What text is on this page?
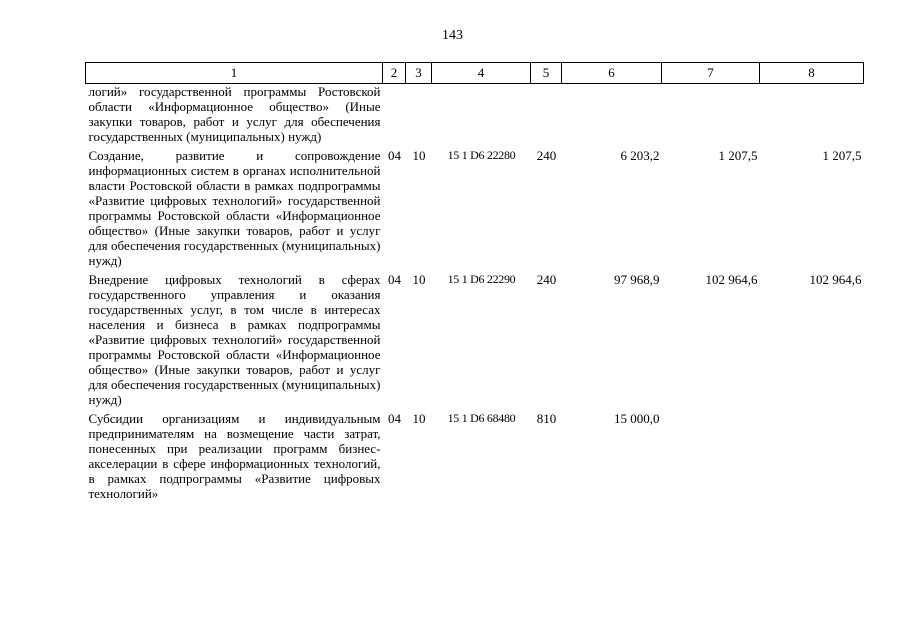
143
1	2	3	4	5	6	7	8
логий» государственной программы Ростовской области «Информационное общество» (Иные закупки товаров, работ и услуг для обеспечения государственных (муниципальных) нужд)							
Создание, развитие и сопровождение информационных систем в органах исполнительной власти Ростовской области в рамках подпрограммы «Развитие цифровых технологий» государственной программы Ростовской области «Информационное общество» (Иные закупки товаров, работ и услуг для обеспечения государственных (муниципальных) нужд)	04	10	15 1 D6 22280	240	6 203,2	1 207,5	1 207,5
Внедрение цифровых технологий в сферах государственного управления и оказания государственных услуг, в том числе в интересах населения и бизнеса в рамках подпрограммы «Развитие цифровых технологий» государственной программы Ростовской области «Информационное общество» (Иные закупки товаров, работ и услуг для обеспечения государственных (муниципальных) нужд)	04	10	15 1 D6 22290	240	97 968,9	102 964,6	102 964,6
Субсидии организациям и индивидуальным предпринимателям на возмещение части затрат, понесенных при реализации программ бизнес-акселерации в сфере информационных технологий, в рамках подпрограммы «Развитие цифровых технологий»	04	10	15 1 D6 68480	810	15 000,0		
